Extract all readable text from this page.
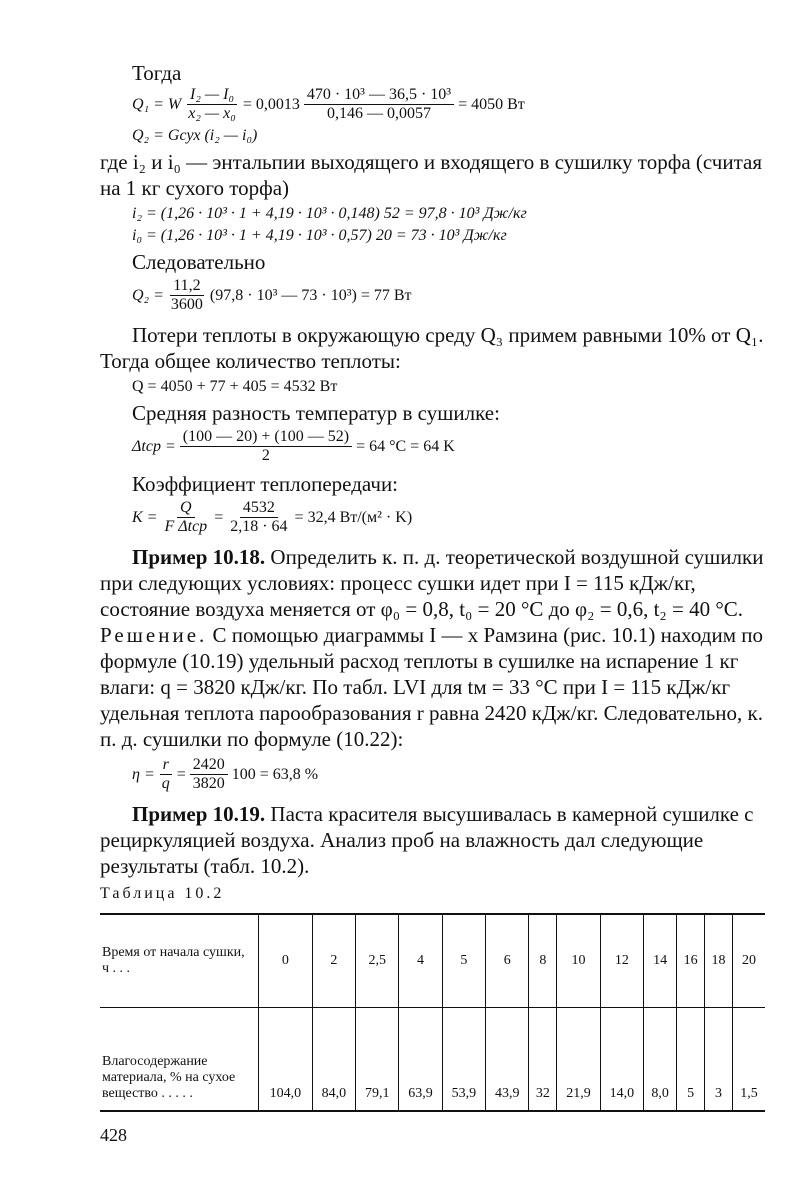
Тогда

Q₁ = W $\frac{\text{I₂ — I₀}}{\text{x₂ — x₀}} = 0,0013 \frac{\text{470 · 10³ — 36,5 · 10³}}{0,146 — 0,0057} = 4050$ Вт
Q₂ = Gсух (i₂ — i₀)

где i₂ и i₀ — энтальпии выходящего и входящего в сушилку торфа (считая на 1 кг сухого торфа)

i₂ = (1,26 · 10³ · 1 + 4,19 · 10³ · 0,148) 52 = 97,8 · 10³ Дж/кг
i₀ = (1,26 · 10³ · 1 + 4,19 · 10³ · 0,57) 20 = 73 · 10³ Дж/кг

Следовательно

$Q_2 = \frac{11,2}{3600} (97,8 \cdot 10^3$ — 73 · 10³) = 77 Вт

Потери теплоты в окружающую среду Q₃ примем равными 10% от Q₁. Тогда общее количество теплоты:

Q = 4050 + 77 + 405 = 4532 Вт

Средняя разность температур в сушилке:

$\Delta tср = \frac{(100 — 20) + (100 — 52)}{2} = 64$ °C = 64 K

Коэффициент теплопередачи:

$K = \frac{Q}{\text{F Δtср}} = \frac{4532}{2,18 \cdot 64} = 32,4$ Вт/(м² · K)

Пример 10.18. Определить к. п. д. теоретической воздушной сушилки при следующих условиях: процесс сушки идет при I = 115 кДж/кг, состояние воздуха меняется от φ₀ = 0,8, t₀ = 20 °C до φ₂ = 0,6, t₂ = 40 °C.

Решение. С помощью диаграммы I — x Рамзина (рис. 10.1) находим по формуле (10.19) удельный расход теплоты в сушилке на испарение 1 кг влаги: q = 3820 кДж/кг. По табл. LVI для tм = 33 °C при I = 115 кДж/кг удельная теплота парообразования r равна 2420 кДж/кг. Следовательно, к. п. д. сушилки по формуле (10.22):

$\eta = \frac{r}{q} = \frac{2420}{3820} 100 = 63,8$ %

Пример 10.19. Паста красителя высушивалась в камерной сушилке с рециркуляцией воздуха. Анализ проб на влажность дал следующие результаты (табл. 10.2).

Таблица 10.2
Время от начала сушки, ч . . .	0	2	2,5	4	5	6	8	10	12	14	16	18	20
Влагосодержание материала, % на сухое вещество . . . . .	104,0	84,0	79,1	63,9	53,9	43,9	32	21,9	14,0	8,0	5	3	1,5
428
